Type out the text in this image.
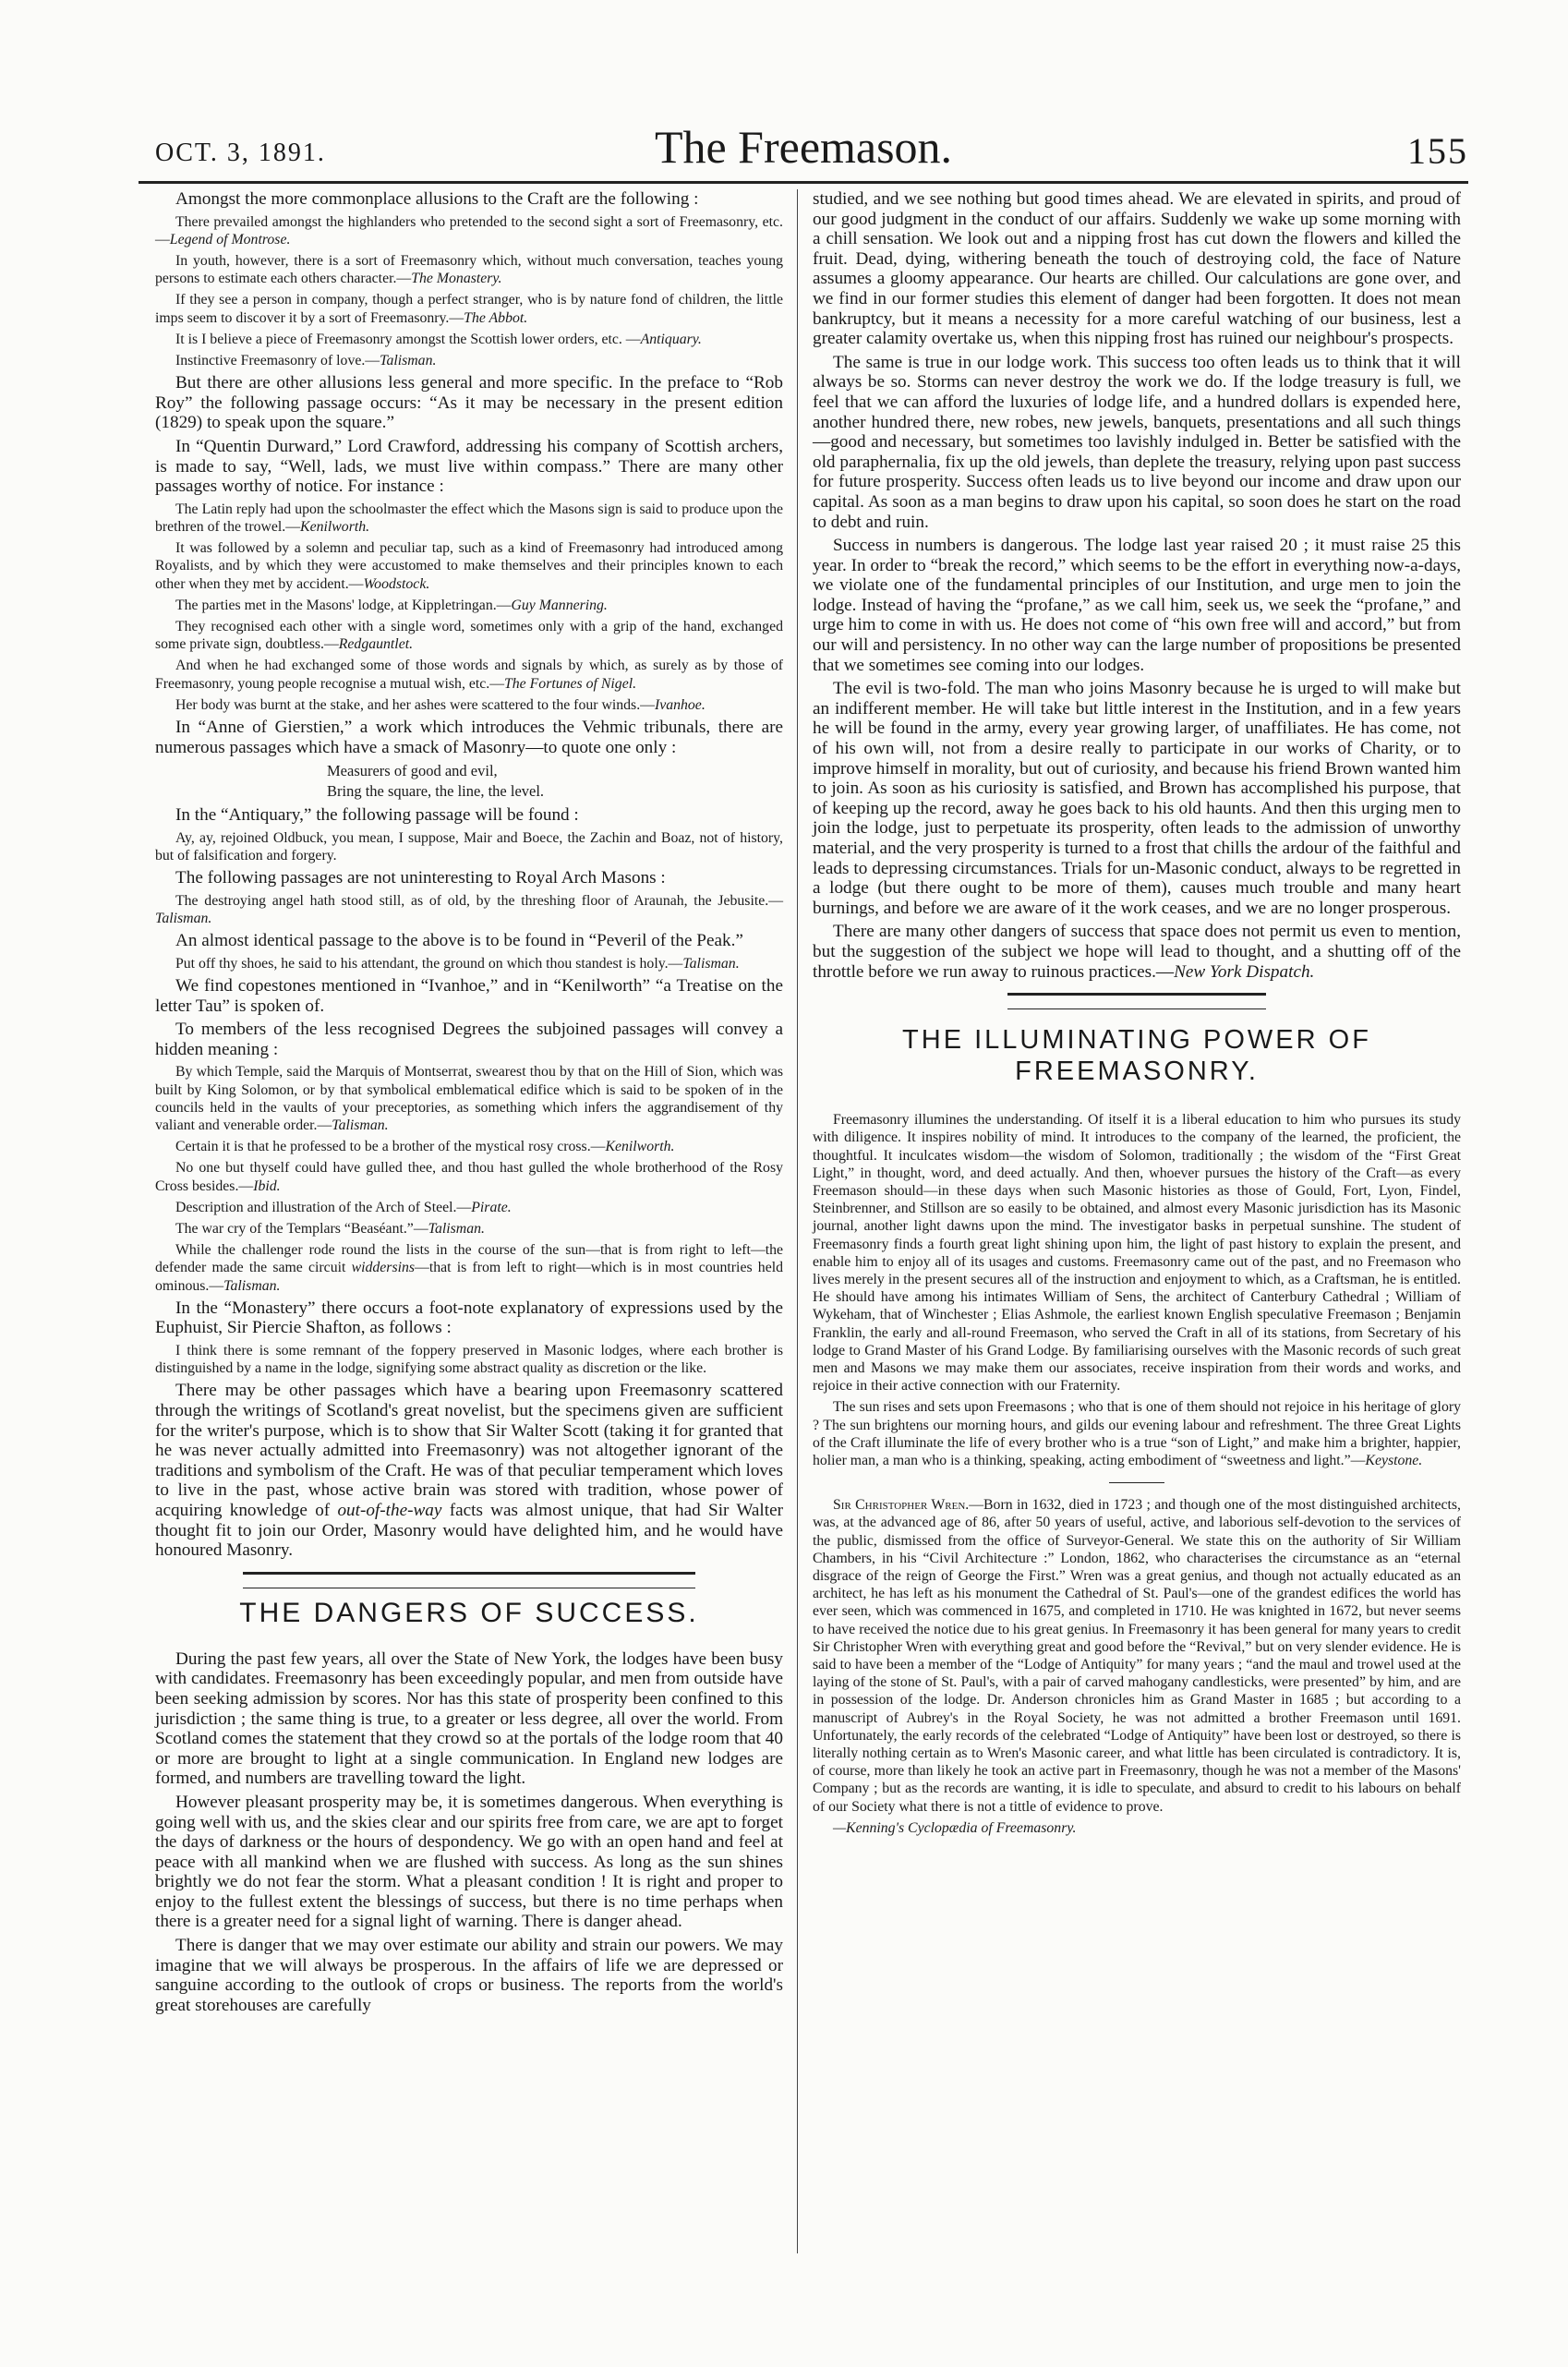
OCT. 3, 1891.	The Freemason.	155

Amongst the more commonplace allusions to the Craft are the following :

There prevailed amongst the highlanders who pretended to the second sight a sort of Freemasonry, etc.—Legend of Montrose.

In youth, however, there is a sort of Freemasonry which, without much conversation, teaches young persons to estimate each others character.—The Monastery.

If they see a person in company, though a perfect stranger, who is by nature fond of children, the little imps seem to discover it by a sort of Freemasonry.—The Abbot.

It is I believe a piece of Freemasonry amongst the Scottish lower orders, etc. —Antiquary.

Instinctive Freemasonry of love.—Talisman.

But there are other allusions less general and more specific. In the preface to “Rob Roy” the following passage occurs: “As it may be necessary in the present edition (1829) to speak upon the square.”

In “Quentin Durward,” Lord Crawford, addressing his company of Scottish archers, is made to say, “Well, lads, we must live within compass.” There are many other passages worthy of notice. For instance :

The Latin reply had upon the schoolmaster the effect which the Masons sign is said to produce upon the brethren of the trowel.—Kenilworth.

It was followed by a solemn and peculiar tap, such as a kind of Freemasonry had introduced among Royalists, and by which they were accustomed to make themselves and their principles known to each other when they met by accident.—Woodstock.

The parties met in the Masons' lodge, at Kippletringan.—Guy Mannering.

They recognised each other with a single word, sometimes only with a grip of the hand, exchanged some private sign, doubtless.—Redgauntlet.

And when he had exchanged some of those words and signals by which, as surely as by those of Freemasonry, young people recognise a mutual wish, etc.—The Fortunes of Nigel.

Her body was burnt at the stake, and her ashes were scattered to the four winds.—Ivanhoe.

In “Anne of Gierstien,” a work which introduces the Vehmic tribunals, there are numerous passages which have a smack of Masonry—to quote one only :

Measurers of good and evil,
Bring the square, the line, the level.

In the “Antiquary,” the following passage will be found :

Ay, ay, rejoined Oldbuck, you mean, I suppose, Mair and Boece, the Zachin and Boaz, not of history, but of falsification and forgery.

The following passages are not uninteresting to Royal Arch Masons :

The destroying angel hath stood still, as of old, by the threshing floor of Araunah, the Jebusite.—Talisman.

An almost identical passage to the above is to be found in “Peveril of the Peak.”

Put off thy shoes, he said to his attendant, the ground on which thou standest is holy.—Talisman.

We find copestones mentioned in “Ivanhoe,” and in “Kenilworth” “a Treatise on the letter Tau” is spoken of.

To members of the less recognised Degrees the subjoined passages will convey a hidden meaning :

By which Temple, said the Marquis of Montserrat, swearest thou by that on the Hill of Sion, which was built by King Solomon, or by that symbolical emblematical edifice which is said to be spoken of in the councils held in the vaults of your preceptories, as something which infers the aggrandisement of thy valiant and venerable order.—Talisman.

Certain it is that he professed to be a brother of the mystical rosy cross.—Kenilworth.

No one but thyself could have gulled thee, and thou hast gulled the whole brotherhood of the Rosy Cross besides.—Ibid.

Description and illustration of the Arch of Steel.—Pirate.

The war cry of the Templars “Beaséant.”—Talisman.

While the challenger rode round the lists in the course of the sun—that is from right to left—the defender made the same circuit widdersins—that is from left to right—which is in most countries held ominous.—Talisman.

In the “Monastery” there occurs a foot-note explanatory of expressions used by the Euphuist, Sir Piercie Shafton, as follows :

I think there is some remnant of the foppery preserved in Masonic lodges, where each brother is distinguished by a name in the lodge, signifying some abstract quality as discretion or the like.

There may be other passages which have a bearing upon Freemasonry scattered through the writings of Scotland's great novelist, but the specimens given are sufficient for the writer's purpose, which is to show that Sir Walter Scott (taking it for granted that he was never actually admitted into Freemasonry) was not altogether ignorant of the traditions and symbolism of the Craft. He was of that peculiar temperament which loves to live in the past, whose active brain was stored with tradition, whose power of acquiring knowledge of out-of-the-way facts was almost unique, that had Sir Walter thought fit to join our Order, Masonry would have delighted him, and he would have honoured Masonry.

THE DANGERS OF SUCCESS.

During the past few years, all over the State of New York, the lodges have been busy with candidates. Freemasonry has been exceedingly popular, and men from outside have been seeking admission by scores. Nor has this state of prosperity been confined to this jurisdiction ; the same thing is true, to a greater or less degree, all over the world. From Scotland comes the statement that they crowd so at the portals of the lodge room that 40 or more are brought to light at a single communication. In England new lodges are formed, and numbers are travelling toward the light.

However pleasant prosperity may be, it is sometimes dangerous. When everything is going well with us, and the skies clear and our spirits free from care, we are apt to forget the days of darkness or the hours of despondency. We go with an open hand and feel at peace with all mankind when we are flushed with success. As long as the sun shines brightly we do not fear the storm. What a pleasant condition ! It is right and proper to enjoy to the fullest extent the blessings of success, but there is no time perhaps when there is a greater need for a signal light of warning. There is danger ahead.

There is danger that we may over estimate our ability and strain our powers. We may imagine that we will always be prosperous. In the affairs of life we are depressed or sanguine according to the outlook of crops or business. The reports from the world's great storehouses are carefully

studied, and we see nothing but good times ahead. We are elevated in spirits, and proud of our good judgment in the conduct of our affairs. Suddenly we wake up some morning with a chill sensation. We look out and a nipping frost has cut down the flowers and killed the fruit. Dead, dying, withering beneath the touch of destroying cold, the face of Nature assumes a gloomy appearance. Our hearts are chilled. Our calculations are gone over, and we find in our former studies this element of danger had been forgotten. It does not mean bankruptcy, but it means a necessity for a more careful watching of our business, lest a greater calamity overtake us, when this nipping frost has ruined our neighbour's prospects.

The same is true in our lodge work. This success too often leads us to think that it will always be so. Storms can never destroy the work we do. If the lodge treasury is full, we feel that we can afford the luxuries of lodge life, and a hundred dollars is expended here, another hundred there, new robes, new jewels, banquets, presentations and all such things—good and necessary, but sometimes too lavishly indulged in. Better be satisfied with the old paraphernalia, fix up the old jewels, than deplete the treasury, relying upon past success for future prosperity. Success often leads us to live beyond our income and draw upon our capital. As soon as a man begins to draw upon his capital, so soon does he start on the road to debt and ruin.

Success in numbers is dangerous. The lodge last year raised 20 ; it must raise 25 this year. In order to “break the record,” which seems to be the effort in everything now-a-days, we violate one of the fundamental principles of our Institution, and urge men to join the lodge. Instead of having the “profane,” as we call him, seek us, we seek the “profane,” and urge him to come in with us. He does not come of “his own free will and accord,” but from our will and persistency. In no other way can the large number of propositions be presented that we sometimes see coming into our lodges.

The evil is two-fold. The man who joins Masonry because he is urged to will make but an indifferent member. He will take but little interest in the Institution, and in a few years he will be found in the army, every year growing larger, of unaffiliates. He has come, not of his own will, not from a desire really to participate in our works of Charity, or to improve himself in morality, but out of curiosity, and because his friend Brown wanted him to join. As soon as his curiosity is satisfied, and Brown has accomplished his purpose, that of keeping up the record, away he goes back to his old haunts. And then this urging men to join the lodge, just to perpetuate its prosperity, often leads to the admission of unworthy material, and the very prosperity is turned to a frost that chills the ardour of the faithful and leads to depressing circumstances. Trials for un-Masonic conduct, always to be regretted in a lodge (but there ought to be more of them), causes much trouble and many heart burnings, and before we are aware of it the work ceases, and we are no longer prosperous.

There are many other dangers of success that space does not permit us even to mention, but the suggestion of the subject we hope will lead to thought, and a shutting off of the throttle before we run away to ruinous practices.—New York Dispatch.

THE ILLUMINATING POWER OF FREEMASONRY.

Freemasonry illumines the understanding. Of itself it is a liberal education to him who pursues its study with diligence. It inspires nobility of mind. It introduces to the company of the learned, the proficient, the thoughtful. It inculcates wisdom—the wisdom of Solomon, traditionally ; the wisdom of the “First Great Light,” in thought, word, and deed actually. And then, whoever pursues the history of the Craft—as every Freemason should—in these days when such Masonic histories as those of Gould, Fort, Lyon, Findel, Steinbrenner, and Stillson are so easily to be obtained, and almost every Masonic jurisdiction has its Masonic journal, another light dawns upon the mind. The investigator basks in perpetual sunshine. The student of Freemasonry finds a fourth great light shining upon him, the light of past history to explain the present, and enable him to enjoy all of its usages and customs. Freemasonry came out of the past, and no Freemason who lives merely in the present secures all of the instruction and enjoyment to which, as a Craftsman, he is entitled. He should have among his intimates William of Sens, the architect of Canterbury Cathedral ; William of Wykeham, that of Winchester ; Elias Ashmole, the earliest known English speculative Freemason ; Benjamin Franklin, the early and all-round Freemason, who served the Craft in all of its stations, from Secretary of his lodge to Grand Master of his Grand Lodge. By familiarising ourselves with the Masonic records of such great men and Masons we may make them our associates, receive inspiration from their words and works, and rejoice in their active connection with our Fraternity.

The sun rises and sets upon Freemasons ; who that is one of them should not rejoice in his heritage of glory ? The sun brightens our morning hours, and gilds our evening labour and refreshment. The three Great Lights of the Craft illuminate the life of every brother who is a true “son of Light,” and make him a brighter, happier, holier man, a man who is a thinking, speaking, acting embodiment of “sweetness and light.”—Keystone.

Sir Christopher Wren.—Born in 1632, died in 1723 ; and though one of the most distinguished architects, was, at the advanced age of 86, after 50 years of useful, active, and laborious self-devotion to the services of the public, dismissed from the office of Surveyor-General. We state this on the authority of Sir William Chambers, in his “Civil Architecture :” London, 1862, who characterises the circumstance as an “eternal disgrace of the reign of George the First.” Wren was a great genius, and though not actually educated as an architect, he has left as his monument the Cathedral of St. Paul's—one of the grandest edifices the world has ever seen, which was commenced in 1675, and completed in 1710. He was knighted in 1672, but never seems to have received the notice due to his great genius. In Freemasonry it has been general for many years to credit Sir Christopher Wren with everything great and good before the “Revival,” but on very slender evidence. He is said to have been a member of the “Lodge of Antiquity” for many years ; “and the maul and trowel used at the laying of the stone of St. Paul's, with a pair of carved mahogany candlesticks, were presented” by him, and are in possession of the lodge. Dr. Anderson chronicles him as Grand Master in 1685 ; but according to a manuscript of Aubrey's in the Royal Society, he was not admitted a brother Freemason until 1691. Unfortunately, the early records of the celebrated “Lodge of Antiquity” have been lost or destroyed, so there is literally nothing certain as to Wren's Masonic career, and what little has been circulated is contradictory. It is, of course, more than likely he took an active part in Freemasonry, though he was not a member of the Masons' Company ; but as the records are wanting, it is idle to speculate, and absurd to credit to his labours on behalf of our Society what there is not a tittle of evidence to prove.

—Kenning's Cyclopædia of Freemasonry.
